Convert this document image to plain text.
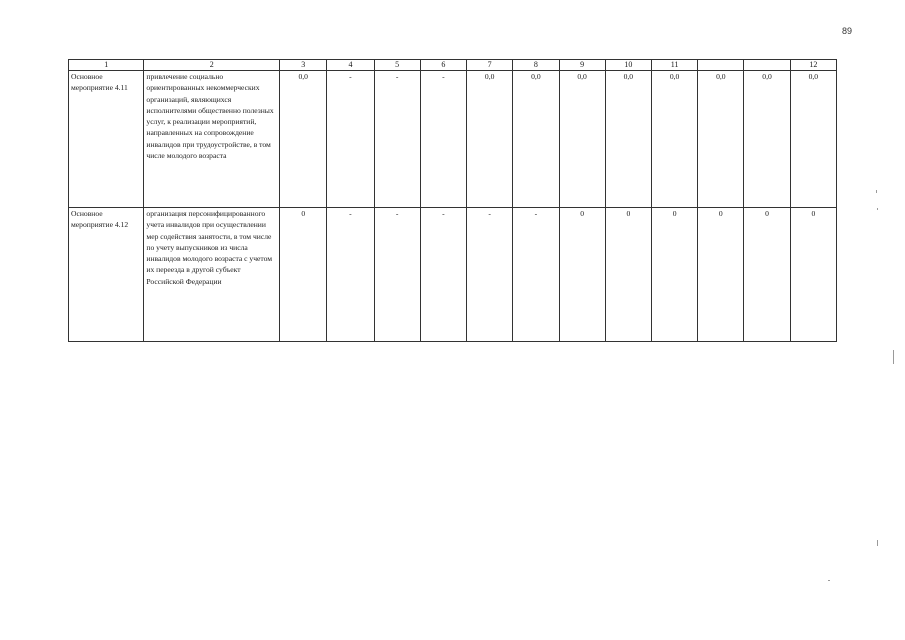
89
1	2	3	4	5	6	7	8	9	10	11			12
Основное мероприятие 4.11	привлечение социально ориентированных некоммерческих организаций, являющихся исполнителями общественно полезных услуг, к реализации мероприятий, направленных на сопровождение инвалидов при трудоустройстве, в том числе молодого возраста	0,0	-	-	-	0,0	0,0	0,0	0,0	0,0	0,0	0,0	0,0
Основное мероприятие 4.12	организация персонифицированного учета инвалидов при осуществлении мер содействия занятости, в том числе по учету выпускников из числа инвалидов молодого возраста с учетом их переезда в другой субъект Российской Федерации	0	-	-	-	-	-	0	0	0	0	0	0
